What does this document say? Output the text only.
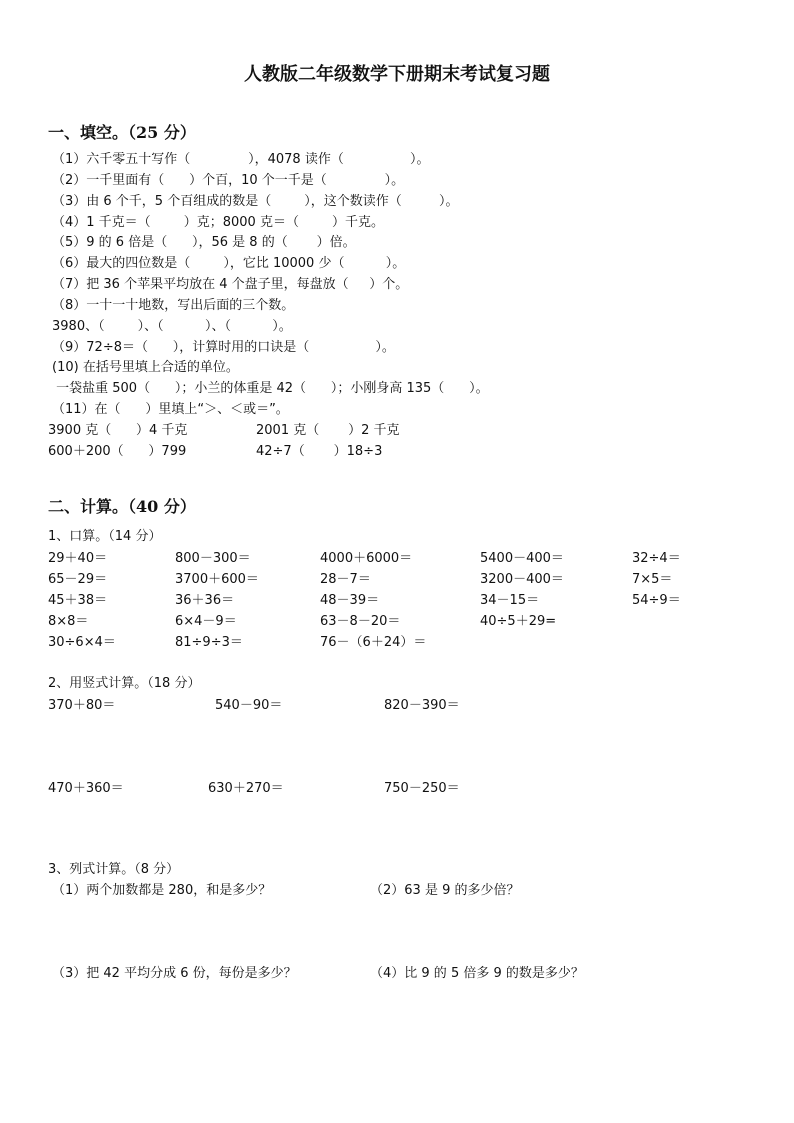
人教版二年级数学下册期末考试复习题
一、填空。（25 分）
（1）六千零五十写作（              ），4078 读作（                ）。
（2）一千里面有（      ）个百，10 个一千是（              ）。
（3）由 6 个千，5 个百组成的数是（        ），这个数读作（         ）。
（4）1 千克＝（        ）克；8000 克＝（        ）千克。
（5）9 的 6 倍是（      ），56 是 8 的（       ）倍。
（6）最大的四位数是（        ），它比 10000 少（          ）。
（7）把 36 个苹果平均放在 4 个盘子里，每盘放（     ）个。
（8）一十一十地数，写出后面的三个数。
3980、（        ）、（          ）、（          ）。
（9）72÷8＝（      ），计算时用的口诀是（                ）。
(10) 在括号里填上合适的单位。
一袋盐重 500（      ）；小兰的体重是 42（      ）；小刚身高 135（      ）。
（11）在（      ）里填上“＞、＜或＝”。
3900 克（      ）4 千克	2001 克（       ）2 千克
600＋200（      ）799	42÷7（       ）18÷3
二、计算。（40 分）
1、口算。（14 分）
29＋40＝	800－300＝	4000＋6000＝	5400－400＝	32÷4＝
65－29＝	3700＋600＝	28－7＝	3200－400＝	7×5＝
45＋38＝	36＋36＝	48－39＝	34－15＝	54÷9＝
8×8＝	6×4－9＝	63－8－20＝	40÷5＋29=
30÷6×4＝	81÷9÷3＝	76－（6＋24）＝
2、用竖式计算。（18 分）
370＋80＝	540－90＝	820－390＝
470＋360＝	630＋270＝	750－250＝
3、列式计算。（8 分）
（1）两个加数都是 280，和是多少？	（2）63 是 9 的多少倍？
（3）把 42 平均分成 6 份，每份是多少？	（4）比 9 的 5 倍多 9 的数是多少？
